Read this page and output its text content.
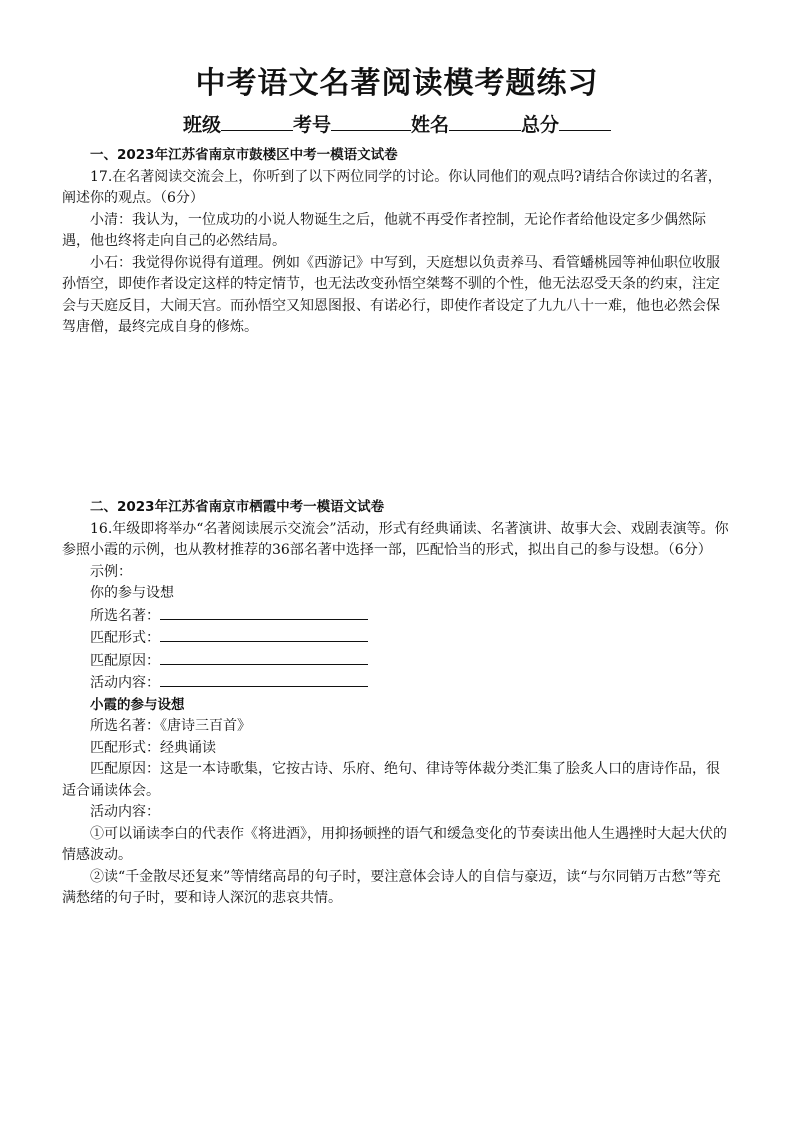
中考语文名著阅读模考题练习
班级	考号	姓名	总分

一、2023年江苏省南京市鼓楼区中考一模语文试卷

17.在名著阅读交流会上，你听到了以下两位同学的讨论。你认同他们的观点吗?请结合你读过的名著，阐述你的观点。（6分）

小清：我认为，一位成功的小说人物诞生之后，他就不再受作者控制，无论作者给他设定多少偶然际遇，他也终将走向自己的必然结局。

小石：我觉得你说得有道理。例如《西游记》中写到，天庭想以负责养马、看管蟠桃园等神仙职位收服孙悟空，即使作者设定这样的特定情节，也无法改变孙悟空桀骜不驯的个性，他无法忍受天条的约束，注定会与天庭反目，大闹天宫。而孙悟空又知恩图报、有诺必行，即使作者设定了九九八十一难，他也必然会保驾唐僧，最终完成自身的修炼。

二、2023年江苏省南京市栖霞中考一模语文试卷

16.年级即将举办“名著阅读展示交流会”活动，形式有经典诵读、名著演讲、故事大会、戏剧表演等。你参照小霞的示例，也从教材推荐的36部名著中选择一部，匹配恰当的形式，拟出自己的参与设想。（6分）

示例：

你的参与设想

所选名著：

匹配形式：

匹配原因：

活动内容：

小霞的参与设想

所选名著：《唐诗三百首》

匹配形式：经典诵读

匹配原因：这是一本诗歌集，它按古诗、乐府、绝句、律诗等体裁分类汇集了脍炙人口的唐诗作品，很适合诵读体会。

活动内容：

①可以诵读李白的代表作《将进酒》，用抑扬顿挫的语气和缓急变化的节奏读出他人生遇挫时大起大伏的情感波动。

②读“千金散尽还复来”等情绪高昂的句子时，要注意体会诗人的自信与豪迈，读“与尔同销万古愁”等充满愁绪的句子时，要和诗人深沉的悲哀共情。
